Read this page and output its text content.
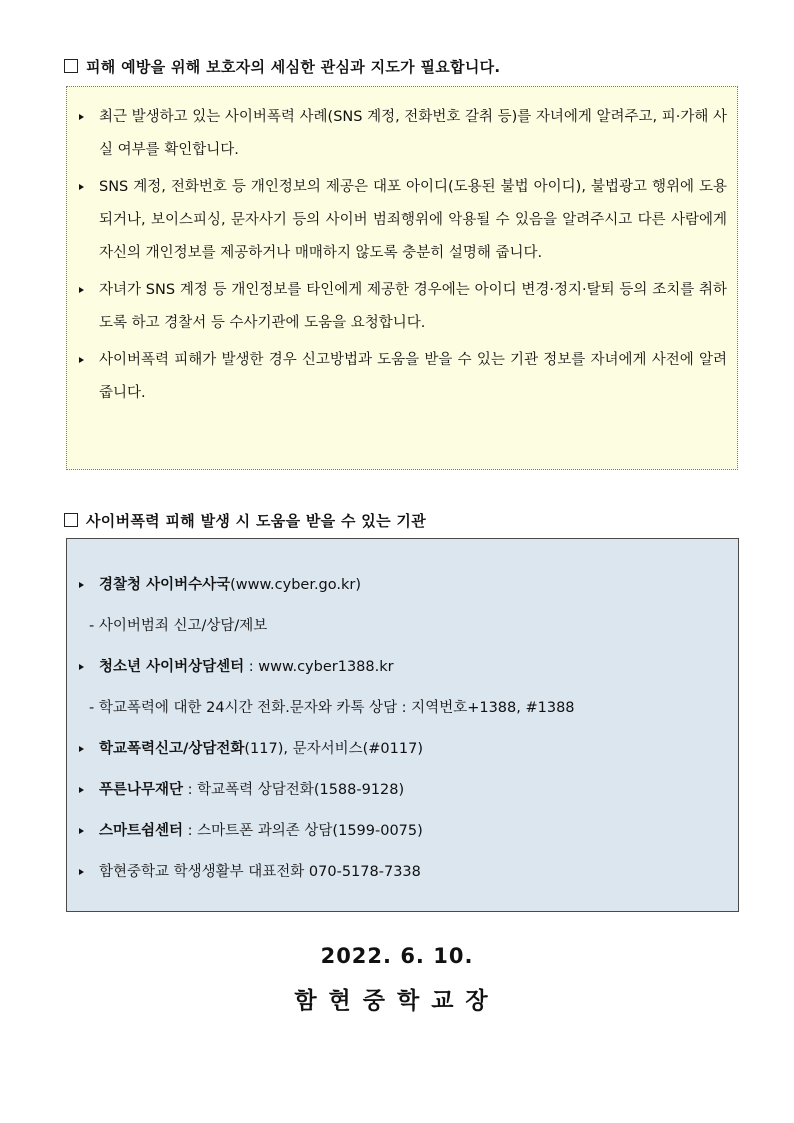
피해 예방을 위해 보호자의 세심한 관심과 지도가 필요합니다.
최근 발생하고 있는 사이버폭력 사례(SNS 계정, 전화번호 갈취 등)를 자녀에게 알려주고, 피·가해 사실 여부를 확인합니다.
SNS 계정, 전화번호 등 개인정보의 제공은 대포 아이디(도용된 불법 아이디), 불법광고 행위에 도용되거나, 보이스피싱, 문자사기 등의 사이버 범죄행위에 악용될 수 있음을 알려주시고 다른 사람에게 자신의 개인정보를 제공하거나 매매하지 않도록 충분히 설명해 줍니다.
자녀가 SNS 계정 등 개인정보를 타인에게 제공한 경우에는 아이디 변경·정지·탈퇴 등의 조치를 취하도록 하고 경찰서 등 수사기관에 도움을 요청합니다.
사이버폭력 피해가 발생한 경우 신고방법과 도움을 받을 수 있는 기관 정보를 자녀에게 사전에 알려줍니다.
사이버폭력 피해 발생 시 도움을 받을 수 있는 기관
경찰청 사이버수사국(www.cyber.go.kr)
- 사이버범죄 신고/상담/제보
청소년 사이버상담센터 : www.cyber1388.kr
- 학교폭력에 대한 24시간 전화.문자와 카톡 상담 : 지역번호+1388, #1388
학교폭력신고/상담전화(117), 문자서비스(#0117)
푸른나무재단 : 학교폭력 상담전화(1588-9128)
스마트쉼센터 : 스마트폰 과의존 상담(1599-0075)
함현중학교 학생생활부 대표전화 070-5178-7338
2022. 6. 10.
함현중학교장
